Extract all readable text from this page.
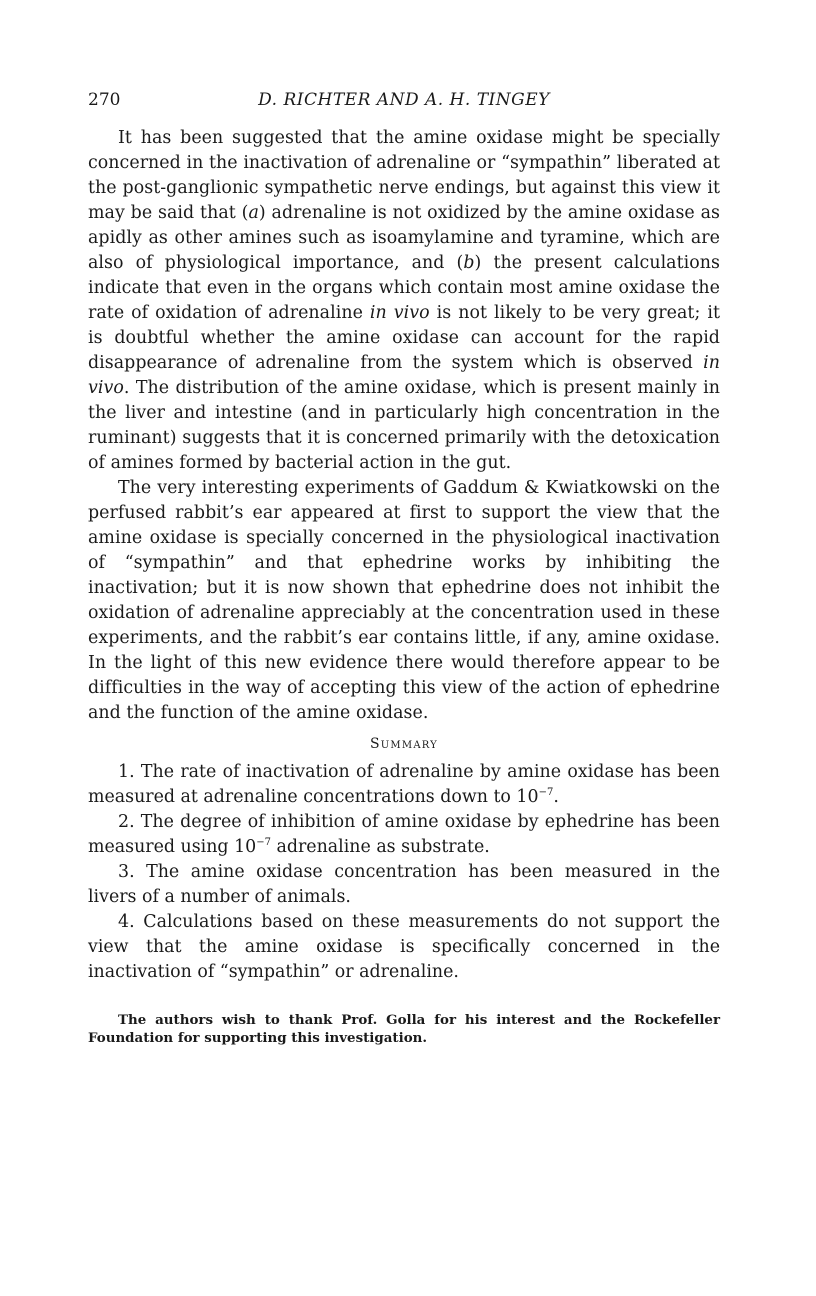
270	D. RICHTER AND A. H. TINGEY

It has been suggested that the amine oxidase might be specially concerned in the inactivation of adrenaline or “sympathin” liberated at the post-ganglionic sympathetic nerve endings, but against this view it may be said that (a) adrenaline is not oxidized by the amine oxidase as apidly as other amines such as isoamylamine and tyramine, which are also of physiological importance, and (b) the present calculations indicate that even in the organs which contain most amine oxidase the rate of oxidation of adrenaline in vivo is not likely to be very great; it is doubtful whether the amine oxidase can account for the rapid disappearance of adrenaline from the system which is observed in vivo. The distribution of the amine oxidase, which is present mainly in the liver and intestine (and in particularly high concentration in the ruminant) suggests that it is concerned primarily with the detoxication of amines formed by bacterial action in the gut.

The very interesting experiments of Gaddum & Kwiatkowski on the perfused rabbit’s ear appeared at first to support the view that the amine oxidase is specially concerned in the physiological inactivation of “sympathin” and that ephedrine works by inhibiting the inactivation; but it is now shown that ephedrine does not inhibit the oxidation of adrenaline appreciably at the concentration used in these experiments, and the rabbit’s ear contains little, if any, amine oxidase. In the light of this new evidence there would therefore appear to be difficulties in the way of accepting this view of the action of ephedrine and the function of the amine oxidase.

Summary

1. The rate of inactivation of adrenaline by amine oxidase has been measured at adrenaline concentrations down to $10^{-7}$.

2. The degree of inhibition of amine oxidase by ephedrine has been measured using $10^{-7}$ adrenaline as substrate.

3. The amine oxidase concentration has been measured in the livers of a number of animals.

4. Calculations based on these measurements do not support the view that the amine oxidase is specifically concerned in the inactivation of “sympathin” or adrenaline.

The authors wish to thank Prof. Golla for his interest and the Rockefeller Foundation for supporting this investigation.
